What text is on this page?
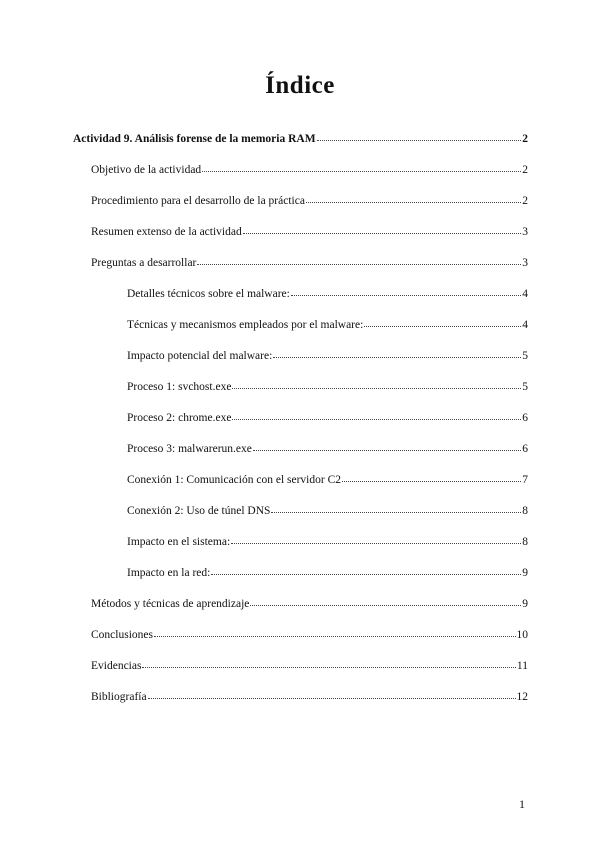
Índice
Actividad 9. Análisis forense de la memoria RAM	2
Objetivo de la actividad	2
Procedimiento para el desarrollo de la práctica	2
Resumen extenso de la actividad	3
Preguntas a desarrollar	3
Detalles técnicos sobre el malware:	4
Técnicas y mecanismos empleados por el malware:	4
Impacto potencial del malware:	5
Proceso 1: svchost.exe	5
Proceso 2: chrome.exe	6
Proceso 3: malwarerun.exe	6
Conexión 1: Comunicación con el servidor C2	7
Conexión 2: Uso de túnel DNS	8
Impacto en el sistema:	8
Impacto en la red:	9
Métodos y técnicas de aprendizaje	9
Conclusiones	10
Evidencias	11
Bibliografía	12
1
